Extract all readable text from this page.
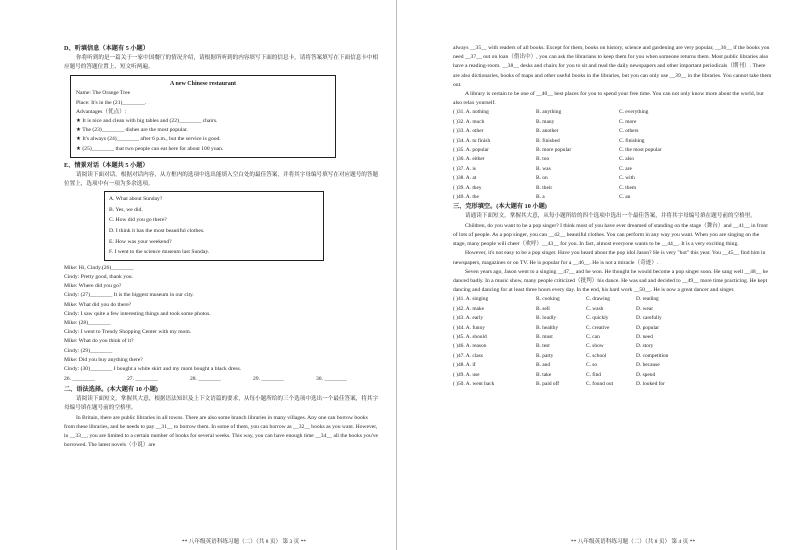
D、听填信息（本题有 5 小题）

你将听到的是一篇关于一家中国餐厅的情况介绍，请根据所听到的内容填写下面的信息卡，请将答案填写在下面信息卡中相应题号的答题位置上、短文听两遍。

A new Chinese restaurant

Name: The Orange Tree

Place: It's in the (21)________.

Advantages（优点）:

★ It is nice and clean with big tables and (22)________ chairs.

★ The (23)________ dishes are the most popular.

★ It's always (24)________ after 6 p.m., but the service is good.

★ (25)________ that two people can eat here for about 100 yuan.

E、情景对话（本题共 5 小题）

请阅读下面对话，根据对话内容，从方框内的选项中选出能填入空白处的最佳答案，并将其字母编号填写在对应题号的答题位置上，选项中有一项为多余选项。

A. What about Sunday?

B. Yes, we did.

C. How did you go there?

D. I think it has the most beautiful clothes.

E. How was your weekend?

F. I went to the science museum last Sunday.

Mike: Hi, Cindy.(26)________

Cindy: Pretty good, thank you.

Mike: Where did you go?

Cindy: (27)________ It is the biggest museum in our city.

Mike: What did you do there?

Cindy: I saw quite a few interesting things and took some photos.

Mike: (28)________

Cindy: I went to Trendy Shopping Center with my mom.

Mike: What do you think of it?

Cindy: (29)________

Mike: Did you buy anything there?

Cindy: (30)________ I bought a white skirt and my mom bought a black dress.

26. ________	27. ________	28. ________	29. ________	30. ________

二、语法选择。(本大题有 10 小题)

请阅读下面短文，掌握其大意，根据语法知识及上下文语篇的要求，从每小题所给的三个选项中选出一个最佳答案，将其字母编号填在题号前的空格里。

In Britain, there are public libraries in all towns. There are also some branch libraries in many villages. Any one can borrow books from these libraries, and he needs to pay __31__ to borrow them. In some of them, you can borrow as __32__ books as you want. However, in __33__, you are limited to a certain number of books for several weeks. This way, you can have enough time __34__ all the books you've borrowed. The latest novels（小说）are

** 八年级英语科练习题（二）（共 8 页） 第 3 页 **

always __35__ with readers of all books. Except for them, books on history, science and gardening are very popular, __36__ if the books you need __37__ out on loan（借出中）, you can ask the librarians to keep them for you when someone returns them. Most public libraries also have a reading-room. __38__ desks and chairs for you to sit and read the daily newspapers and other important periodicals（期刊）. There are also dictionaries, books of maps and other useful books in the libraries, but you can only use __39__ in the libraries. You cannot take them out.

A library is certain to be one of __40__ best places for you to spend your free time. You can not only know more about the world, but also relax yourself.

( )31. A. nothing	B. anything	C. everything
( )32. A. much	B. many	C. more
( )33. A. other	B. another	C. others
( )34. A. to finish	B. finished	C. finishing
( )35. A. popular	B. more popular	C. the most popular
( )36. A. either	B. too	C. also
( )37. A. is	B. was	C. are
( )38. A. at	B. on	C. with
( )39. A. they	B. their	C. them
( )40. A. the	B. a	C. an

三、完形填空。(本大题有 10 小题)

请通读下面短文，掌握其大意，从每小题所给的四个选项中选出一个最佳答案，并将其字母编号填在题号前的空格里。

Children, do you want to be a pop singer? I think most of you have ever dreamed of standing on the stage（舞台）and __41__ in front of lots of people. As a pop singer, you can __42__ beautiful clothes. You can perform in any way you want. When you are singing on the stage, many people will cheer（欢呼）__43__ for you. In fact, almost everyone wants to be __44__. It is a very exciting thing.

However, it's not easy to be a pop singer. Have you heard about the pop idol Jason? He is very "hot" this year. You __45__ find him in newspapers, magazines or on TV. He is popular for a __46__. He is not a miracle（奇迹）.

Seven years ago, Jason went to a singing __47__ and he won. He thought he would become a pop singer soon. He sang well __48__ he danced badly. In a music show, many people criticized（批判）his dance. He was sad and decided to __49__ more time practicing. He kept dancing and dancing for at least three hours every day. In the end, his hard work __50__. He is now a great dancer and singer.

( )41. A. singing	B. cooking	C. drawing	D. reading
( )42. A. make	B. sell	C. wash	D. wear
( )43. A. early	B. loudly	C. quickly	D. carefully
( )44. A. funny	B. healthy	C. creative	D. popular
( )45. A. should	B. must	C. can	D. need
( )46. A. reason	B. test	C. show	D. story
( )47. A. class	B. party	C. school	D. competition
( )48. A. if	B. and	C. so	D. because
( )49. A. use	B. take	C. find	D. spend
( )50. A. went back	B. paid off	C. found out	D. looked for
** 八年级英语科练习题（二）（共 8 页） 第 4 页 **
